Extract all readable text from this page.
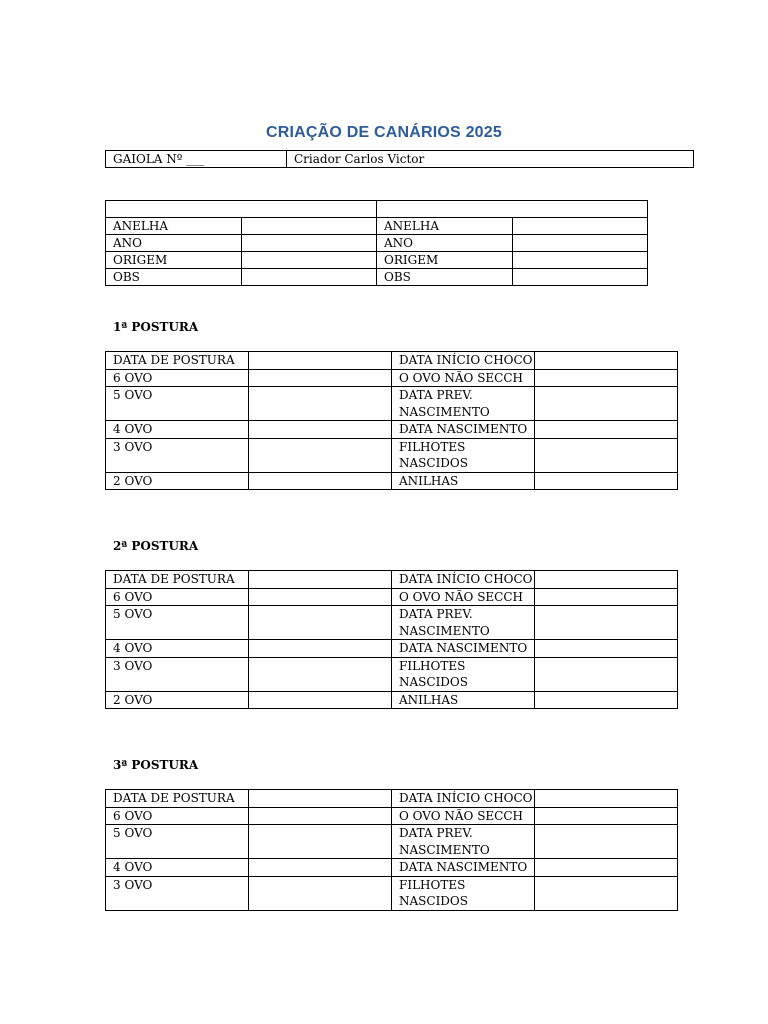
CRIAÇÃO DE CANÁRIOS 2025
GAIOLA Nº ___	Criador Carlos Victor

ANELHA		ANELHA	
ANO		ANO	
ORIGEM		ORIGEM	
OBS		OBS	
1ª POSTURA
DATA DE POSTURA		DATA INÍCIO CHOCO	
6 OVO		O OVO NÃO SECCH	
5 OVO		DATA PREV. NASCIMENTO	
4 OVO		DATA NASCIMENTO	
3 OVO		FILHOTES NASCIDOS	
2 OVO		ANILHAS	
2ª POSTURA
DATA DE POSTURA		DATA INÍCIO CHOCO	
6 OVO		O OVO NÃO SECCH	
5 OVO		DATA PREV. NASCIMENTO	
4 OVO		DATA NASCIMENTO	
3 OVO		FILHOTES NASCIDOS	
2 OVO		ANILHAS	
3ª POSTURA
DATA DE POSTURA		DATA INÍCIO CHOCO	
6 OVO		O OVO NÃO SECCH	
5 OVO		DATA PREV. NASCIMENTO	
4 OVO		DATA NASCIMENTO	
3 OVO		FILHOTES NASCIDOS	
